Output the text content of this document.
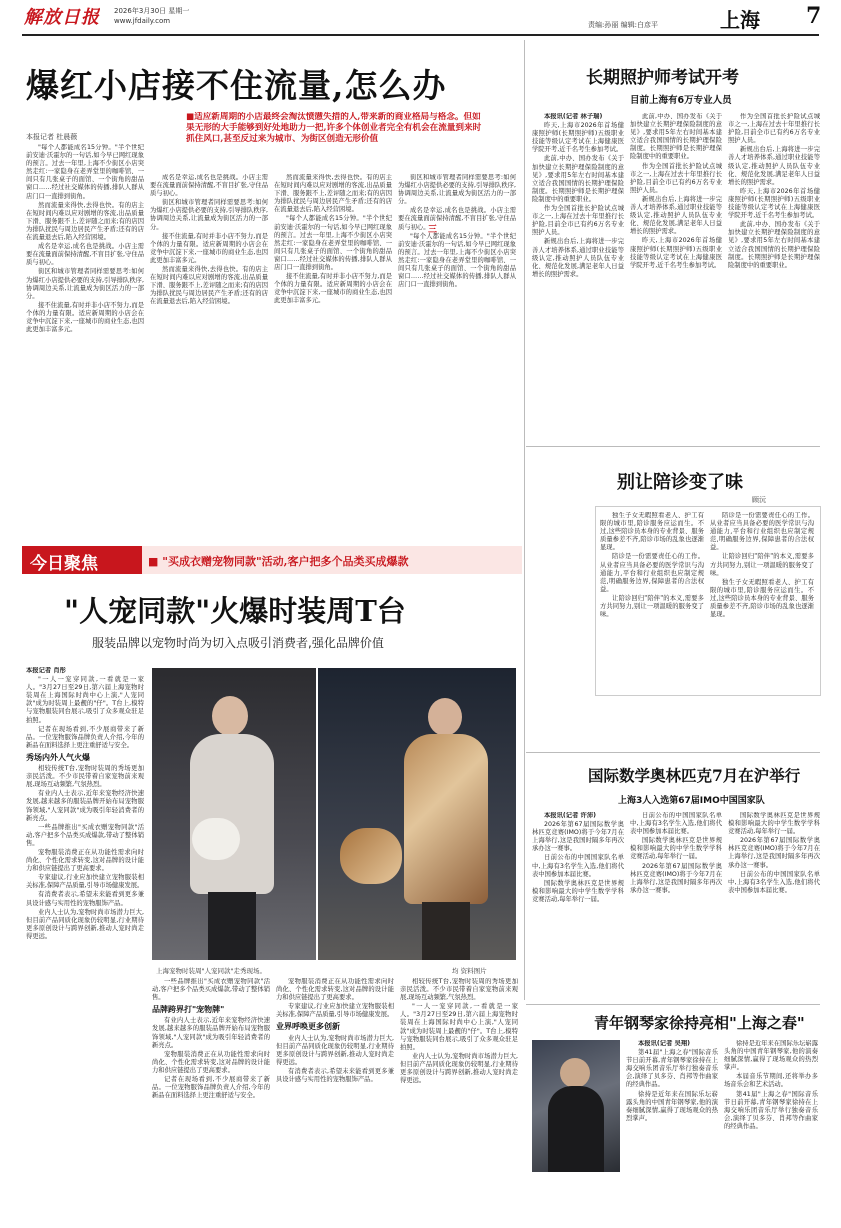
解放日报 2026年3月30日 星期一
www.jfdaily.com	责编:孙丽 编辑:白彦平	上海 7
爆红小店接不住流量,怎么办
本报记者 杜晨薇
■适应新周期的小店最终会淘汰愤懑失措的人,带来新的商业格局与格念。但如果无形的大手能够到好处地助力一把,许多个体创业者完全有机会在流量到来时抓住风口,甚至反过来为城市、为街区创造无形价值

"每个人都能成名15分钟。"半个世纪前安迪·沃霍尔的一句话,如今早已网红现象的预言。过去一年里,上海不少街区小店突然走红:一家隐身在老弄堂里的咖啡馆、一间只有几张桌子的面馆、一个街角的甜品窗口……经过社交媒体的传播,排队人群从店门口一直排到街角。

然而流量来得快,去得也快。有的店主在短时间内难以应对剧增的客流,出品质量下滑、服务跟不上,差评随之而来;有的店因为排队扰民与周边居民产生矛盾;还有的店在流量退去后,陷入经营困境。

成名是幸运,成名也是挑战。小店主需要在流量面前保持清醒,不盲目扩张,守住品质与初心。

街区和城市管理者同样需要思考:如何为爆红小店提供必要的支持,引导排队秩序,协调周边关系,让流量成为街区活力的一部分。

接不住流量,有时并非小店不努力,而是个体的力量有限。适应新周期的小店会在竞争中沉淀下来,一座城市的商业生态,也因此更加丰富多元。

成名是幸运,成名也是挑战。小店主需要在流量面前保持清醒,不盲目扩张,守住品质与初心。

街区和城市管理者同样需要思考:如何为爆红小店提供必要的支持,引导排队秩序,协调周边关系,让流量成为街区活力的一部分。

接不住流量,有时并非小店不努力,而是个体的力量有限。适应新周期的小店会在竞争中沉淀下来,一座城市的商业生态,也因此更加丰富多元。

然而流量来得快,去得也快。有的店主在短时间内难以应对剧增的客流,出品质量下滑、服务跟不上,差评随之而来;有的店因为排队扰民与周边居民产生矛盾;还有的店在流量退去后,陷入经营困境。

然而流量来得快,去得也快。有的店主在短时间内难以应对剧增的客流,出品质量下滑、服务跟不上,差评随之而来;有的店因为排队扰民与周边居民产生矛盾;还有的店在流量退去后,陷入经营困境。

"每个人都能成名15分钟。"半个世纪前安迪·沃霍尔的一句话,如今早已网红现象的预言。过去一年里,上海不少街区小店突然走红:一家隐身在老弄堂里的咖啡馆、一间只有几张桌子的面馆、一个街角的甜品窗口……经过社交媒体的传播,排队人群从店门口一直排到街角。

接不住流量,有时并非小店不努力,而是个体的力量有限。适应新周期的小店会在竞争中沉淀下来,一座城市的商业生态,也因此更加丰富多元。

三

街区和城市管理者同样需要思考:如何为爆红小店提供必要的支持,引导排队秩序,协调周边关系,让流量成为街区活力的一部分。

成名是幸运,成名也是挑战。小店主需要在流量面前保持清醒,不盲目扩张,守住品质与初心。

"每个人都能成名15分钟。"半个世纪前安迪·沃霍尔的一句话,如今早已网红现象的预言。过去一年里,上海不少街区小店突然走红:一家隐身在老弄堂里的咖啡馆、一间只有几张桌子的面馆、一个街角的甜品窗口……经过社交媒体的传播,排队人群从店门口一直排到街角。

长期照护师考试开考
目前上海有6万专业人员

本报讯(记者 林子瑞)

昨天,上海市2026年首场健康照护师(长期照护师)五级职业技能等级认定考试在上海健康医学院开考,近千名考生参加考试。

此前,中办、国办发布《关于加快建立长期护理保险制度的意见》,要求用5年左右时间基本建立适合我国国情的长期护理保险制度。长期照护师是长期护理保险制度中的重要职业。

作为全国首批长护险试点城市之一,上海在过去十年里推行长护险,目前全市已有约6万名专业照护人员。

新规出台后,上海将进一步完善人才培养体系,通过职业技能等级认定,推动照护人员队伍专业化、规范化发展,满足老年人日益增长的照护需求。

此前,中办、国办发布《关于加快建立长期护理保险制度的意见》,要求用5年左右时间基本建立适合我国国情的长期护理保险制度。长期照护师是长期护理保险制度中的重要职业。

作为全国首批长护险试点城市之一,上海在过去十年里推行长护险,目前全市已有约6万名专业照护人员。

新规出台后,上海将进一步完善人才培养体系,通过职业技能等级认定,推动照护人员队伍专业化、规范化发展,满足老年人日益增长的照护需求。

昨天,上海市2026年首场健康照护师(长期照护师)五级职业技能等级认定考试在上海健康医学院开考,近千名考生参加考试。

作为全国首批长护险试点城市之一,上海在过去十年里推行长护险,目前全市已有约6万名专业照护人员。

新规出台后,上海将进一步完善人才培养体系,通过职业技能等级认定,推动照护人员队伍专业化、规范化发展,满足老年人日益增长的照护需求。

昨天,上海市2026年首场健康照护师(长期照护师)五级职业技能等级认定考试在上海健康医学院开考,近千名考生参加考试。

此前,中办、国办发布《关于加快建立长期护理保险制度的意见》,要求用5年左右时间基本建立适合我国国情的长期护理保险制度。长期照护师是长期护理保险制度中的重要职业。

别让陪诊变了味
顾沅

独生子女无暇照看老人、护工有限的城市里,陪诊服务应运而生。不过,这些陪诊员本身的专业背景、服务质量参差不齐,陪诊市场的乱象也逐渐显现。

陪诊是一份需要责任心的工作。从业者应当具备必要的医学常识与沟通能力,平台和行业组织也应制定规范,明确服务边界,保障患者的合法权益。

让陪诊回归"陪伴"的本义,需要多方共同努力,别让一项温暖的服务变了味。

陪诊是一份需要责任心的工作。从业者应当具备必要的医学常识与沟通能力,平台和行业组织也应制定规范,明确服务边界,保障患者的合法权益。

让陪诊回归"陪伴"的本义,需要多方共同努力,别让一项温暖的服务变了味。

独生子女无暇照看老人、护工有限的城市里,陪诊服务应运而生。不过,这些陪诊员本身的专业背景、服务质量参差不齐,陪诊市场的乱象也逐渐显现。

国际数学奥林匹克7月在沪举行
上海3人入选第67届IMO中国国家队

本报讯(记者 许沛)

2026年第67届国际数学奥林匹克竞赛(IMO)将于今年7月在上海举行,这是我国时隔多年再次承办这一赛事。

日前公布的中国国家队名单中,上海有3名学生入选,他们将代表中国参加本届比赛。

国际数学奥林匹克是世界规模和影响最大的中学生数学学科竞赛活动,每年举行一届。

日前公布的中国国家队名单中,上海有3名学生入选,他们将代表中国参加本届比赛。

国际数学奥林匹克是世界规模和影响最大的中学生数学学科竞赛活动,每年举行一届。

2026年第67届国际数学奥林匹克竞赛(IMO)将于今年7月在上海举行,这是我国时隔多年再次承办这一赛事。

国际数学奥林匹克是世界规模和影响最大的中学生数学学科竞赛活动,每年举行一届。

2026年第67届国际数学奥林匹克竞赛(IMO)将于今年7月在上海举行,这是我国时隔多年再次承办这一赛事。

日前公布的中国国家队名单中,上海有3名学生入选,他们将代表中国参加本届比赛。

青年钢琴家徐持亮相"上海之春"

本报讯(记者 吴翔)

第41届"上海之春"国际音乐节日前开幕,青年钢琴家徐持在上海交响乐团音乐厅举行独奏音乐会,演绎了贝多芬、肖邦等作曲家的经典作品。

徐持是近年来在国际乐坛崭露头角的中国青年钢琴家,他的演奏细腻深情,赢得了现场观众的热烈掌声。

徐持是近年来在国际乐坛崭露头角的中国青年钢琴家,他的演奏细腻深情,赢得了现场观众的热烈掌声。

本届音乐节期间,还将举办多场音乐会和艺术活动。

第41届"上海之春"国际音乐节日前开幕,青年钢琴家徐持在上海交响乐团音乐厅举行独奏音乐会,演绎了贝多芬、肖邦等作曲家的经典作品。

今日聚焦	■ "买成衣赠宠物同款"活动,客户把多个品类买成爆款
"人宠同款"火爆时装周T台
服装品牌以宠物时尚为切入点吸引消费者,强化品牌价值

本报记者 肖彤

"一人一宠穿同款,一看就是一家人。"3月27日至29日,第六届上海宠物时装周在上海国际时尚中心上演,"人宠同款"成为时装周上最靓的"仔"。T台上,模特与宠物服装同台展示,吸引了众多观众驻足拍照。

记者在现场看到,不少展商带来了新品。一位宠物服饰品牌负责人介绍,今年的新品在面料选择上更注重舒适与安全。

秀场内外人气火爆

相较传统T台,宠物时装周的秀场更加亲民活泼。不少市民带着自家宠物前来观展,现场互动频繁,气氛热烈。

有业内人士表示,近年来宠物经济快速发展,越来越多的服装品牌开始布局宠物服饰领域,"人宠同款"成为吸引年轻消费者的新亮点。

一些品牌推出"买成衣赠宠物同款"活动,客户把多个品类买成爆款,带动了整体销售。

宠物服装消费正在从功能性需求向时尚化、个性化需求转变,这对品牌的设计能力和供应链提出了更高要求。

专家建议,行业应加快建立宠物服装相关标准,保障产品质量,引导市场健康发展。

有消费者表示,希望未来能看到更多兼具设计感与实用性的宠物服饰产品。

业内人士认为,宠物时尚市场潜力巨大,但目前产品同质化现象仍较明显,行业期待更多原创设计与跨界创新,推动人宠时尚走得更远。

上海宠物时装周"人宠同款"走秀现场。	均 资料图片

一些品牌推出"买成衣赠宠物同款"活动,客户把多个品类买成爆款,带动了整体销售。

品牌跨界打"宠物牌"

有业内人士表示,近年来宠物经济快速发展,越来越多的服装品牌开始布局宠物服饰领域,"人宠同款"成为吸引年轻消费者的新亮点。

宠物服装消费正在从功能性需求向时尚化、个性化需求转变,这对品牌的设计能力和供应链提出了更高要求。

记者在现场看到,不少展商带来了新品。一位宠物服饰品牌负责人介绍,今年的新品在面料选择上更注重舒适与安全。

宠物服装消费正在从功能性需求向时尚化、个性化需求转变,这对品牌的设计能力和供应链提出了更高要求。

专家建议,行业应加快建立宠物服装相关标准,保障产品质量,引导市场健康发展。

业界呼唤更多创新

业内人士认为,宠物时尚市场潜力巨大,但目前产品同质化现象仍较明显,行业期待更多原创设计与跨界创新,推动人宠时尚走得更远。

有消费者表示,希望未来能看到更多兼具设计感与实用性的宠物服饰产品。

相较传统T台,宠物时装周的秀场更加亲民活泼。不少市民带着自家宠物前来观展,现场互动频繁,气氛热烈。

"一人一宠穿同款,一看就是一家人。"3月27日至29日,第六届上海宠物时装周在上海国际时尚中心上演,"人宠同款"成为时装周上最靓的"仔"。T台上,模特与宠物服装同台展示,吸引了众多观众驻足拍照。

业内人士认为,宠物时尚市场潜力巨大,但目前产品同质化现象仍较明显,行业期待更多原创设计与跨界创新,推动人宠时尚走得更远。
